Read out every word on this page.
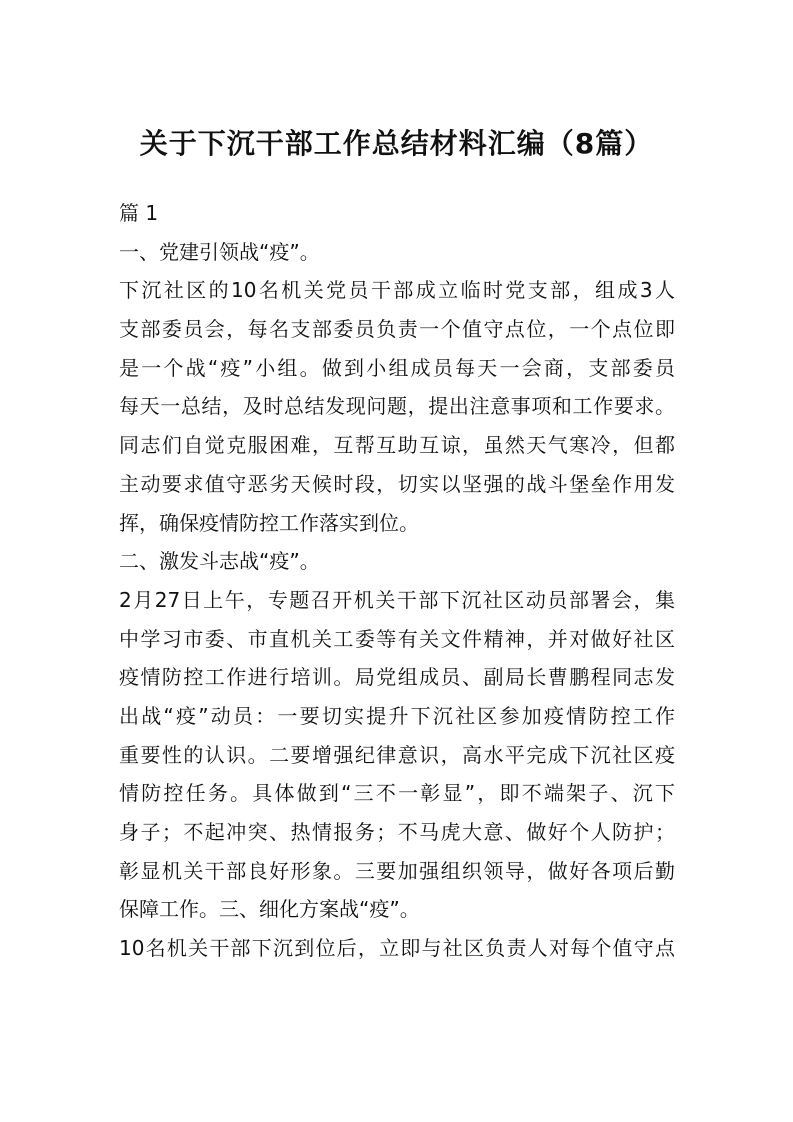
关于下沉干部工作总结材料汇编（8篇）
篇 1
一、党建引领战“疫”。
下沉社区的10名机关党员干部成立临时党支部，组成3人
支部委员会，每名支部委员负责一个值守点位，一个点位即
是一个战“疫”小组。做到小组成员每天一会商，支部委员
每天一总结，及时总结发现问题，提出注意事项和工作要求。
同志们自觉克服困难，互帮互助互谅，虽然天气寒冷，但都
主动要求值守恶劣天候时段，切实以坚强的战斗堡垒作用发
挥，确保疫情防控工作落实到位。
二、激发斗志战“疫”。
2月27日上午，专题召开机关干部下沉社区动员部署会，集
中学习市委、市直机关工委等有关文件精神，并对做好社区
疫情防控工作进行培训。局党组成员、副局长曹鹏程同志发
出战“疫”动员：一要切实提升下沉社区参加疫情防控工作
重要性的认识。二要增强纪律意识，高水平完成下沉社区疫
情防控任务。具体做到“三不一彰显”，即不端架子、沉下
身子；不起冲突、热情报务；不马虎大意、做好个人防护；
彰显机关干部良好形象。三要加强组织领导，做好各项后勤
保障工作。三、细化方案战“疫”。
10名机关干部下沉到位后，立即与社区负责人对每个值守点
